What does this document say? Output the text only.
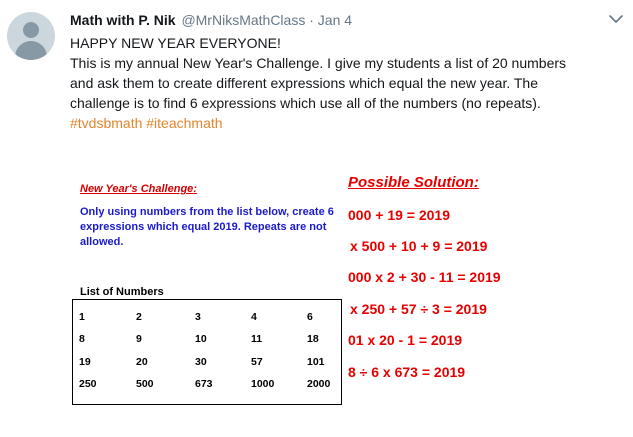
Math with P. Nik @MrNiksMathClass · Jan 4
HAPPY NEW YEAR EVERYONE!
This is my annual New Year's Challenge. I give my students a list of 20 numbers
and ask them to create different expressions which equal the new year. The
challenge is to find 6 expressions which use all of the numbers (no repeats).
#tvdsbmath #iteachmath
New Year's Challenge:
Only using numbers from the list below, create 6 expressions which equal 2019. Repeats are not allowed.
List of Numbers
1	2	3	4	6
8	9	10	11	18
19	20	30	57	101
250	500	673	1000	2000
Possible Solution:
000 + 19 = 2019
x 500 + 10 + 9 = 2019
000 x 2 + 30 - 11 = 2019
x 250 + 57 ÷ 3 = 2019
01 x 20 - 1 = 2019
8 ÷ 6 x 673 = 2019
